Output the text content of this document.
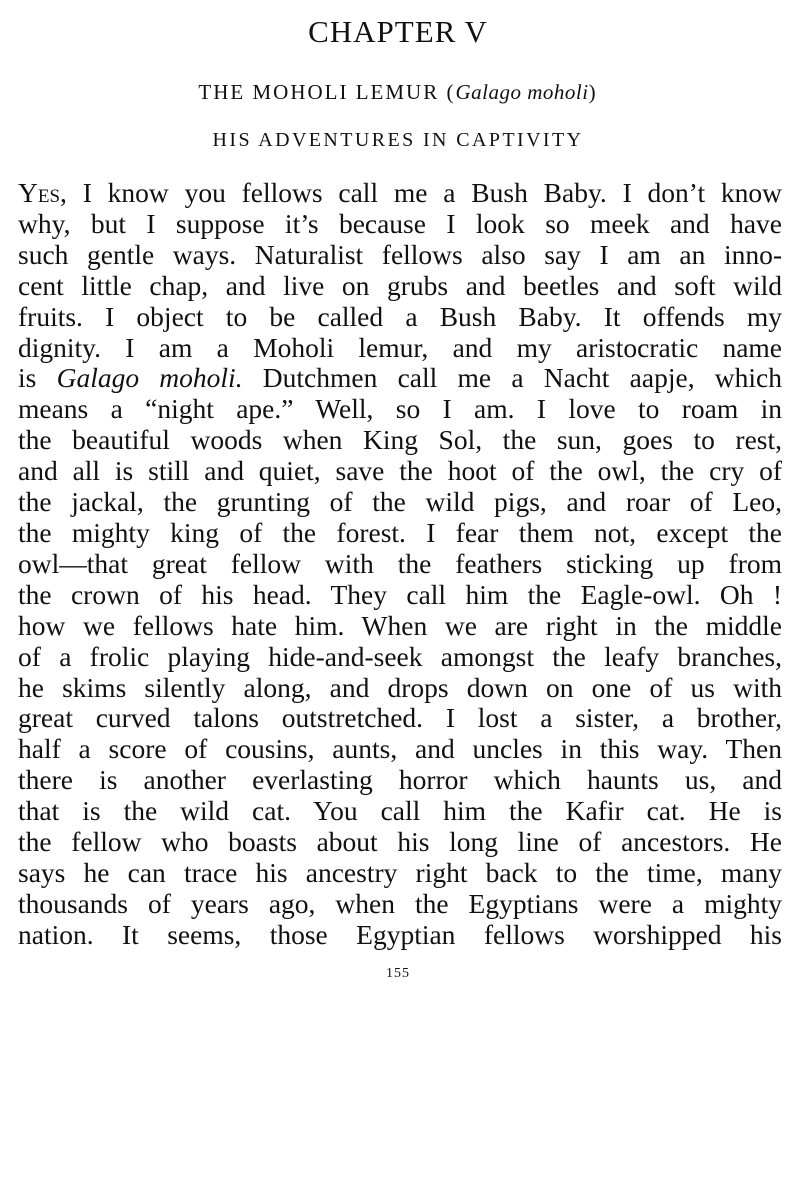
CHAPTER V
THE MOHOLI LEMUR (Galago moholi)
HIS ADVENTURES IN CAPTIVITY
Yes, I know you fellows call me a Bush Baby. I don’t know
why, but I suppose it’s because I look so meek and have
such gentle ways. Naturalist fellows also say I am an inno-
cent little chap, and live on grubs and beetles and soft wild
fruits. I object to be called a Bush Baby. It offends my
dignity. I am a Moholi lemur, and my aristocratic name
is Galago moholi. Dutchmen call me a Nacht aapje, which
means a “night ape.” Well, so I am. I love to roam in
the beautiful woods when King Sol, the sun, goes to rest,
and all is still and quiet, save the hoot of the owl, the cry of
the jackal, the grunting of the wild pigs, and roar of Leo,
the mighty king of the forest. I fear them not, except the
owl—that great fellow with the feathers sticking up from
the crown of his head. They call him the Eagle-owl. Oh !
how we fellows hate him. When we are right in the middle
of a frolic playing hide-and-seek amongst the leafy branches,
he skims silently along, and drops down on one of us with
great curved talons outstretched. I lost a sister, a brother,
half a score of cousins, aunts, and uncles in this way. Then
there is another everlasting horror which haunts us, and
that is the wild cat. You call him the Kafir cat. He is
the fellow who boasts about his long line of ancestors. He
says he can trace his ancestry right back to the time, many
thousands of years ago, when the Egyptians were a mighty
nation. It seems, those Egyptian fellows worshipped his
155
